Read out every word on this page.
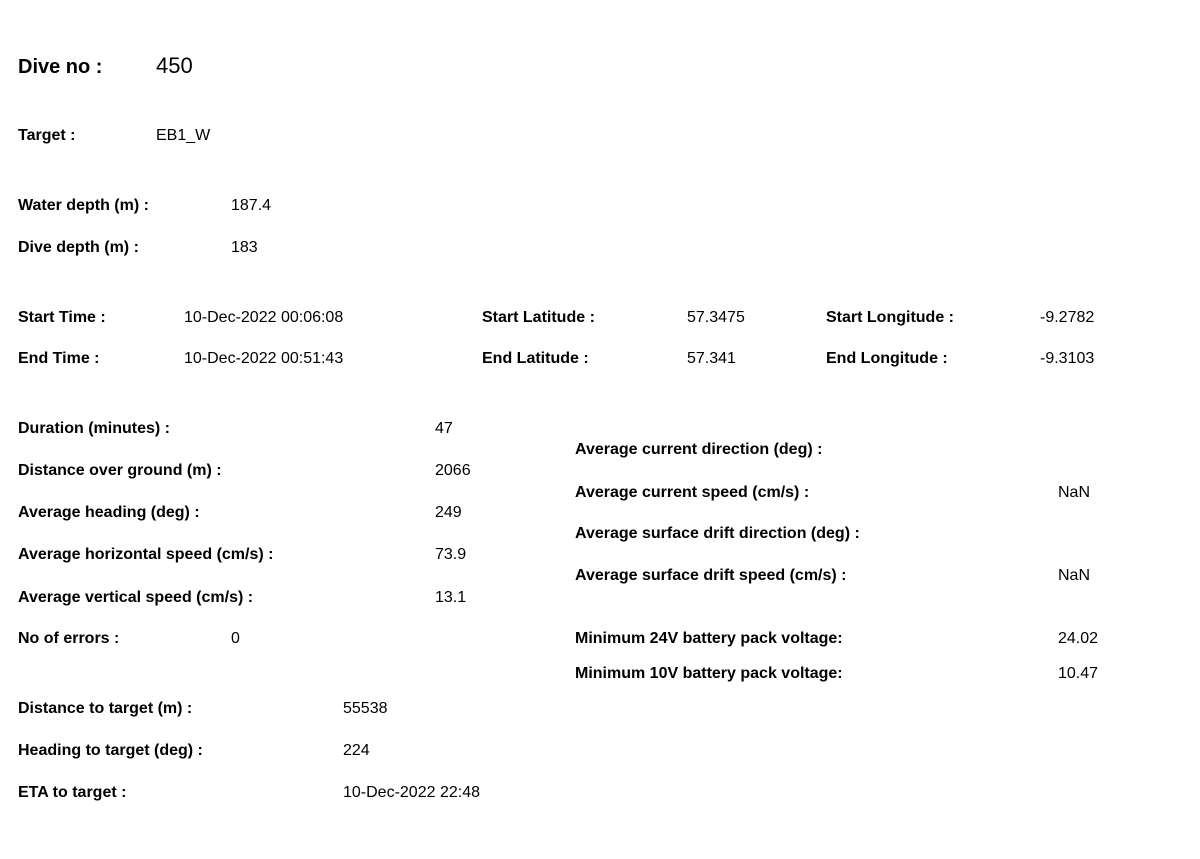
Dive no : 450
Target :	EB1_W
Water depth (m) :	187.4
Dive depth (m) :	183
Start Time :	10-Dec-2022 00:06:08	Start Latitude :	57.3475	Start Longitude :	-9.2782
End Time :	10-Dec-2022 00:51:43	End Latitude :	57.341	End Longitude :	-9.3103
Duration (minutes) :	47
Distance over ground (m) :	2066
Average heading (deg) :	249
Average horizontal speed (cm/s) :	73.9
Average vertical speed (cm/s) :	13.1
No of errors :	0
Average current direction (deg) :
Average current speed (cm/s) :	NaN
Average surface drift direction (deg) :
Average surface drift speed (cm/s) :	NaN
Minimum 24V battery pack voltage:	24.02
Minimum 10V battery pack voltage:	10.47
Distance to target (m) :	55538
Heading to target (deg) :	224
ETA to target :	10-Dec-2022 22:48
